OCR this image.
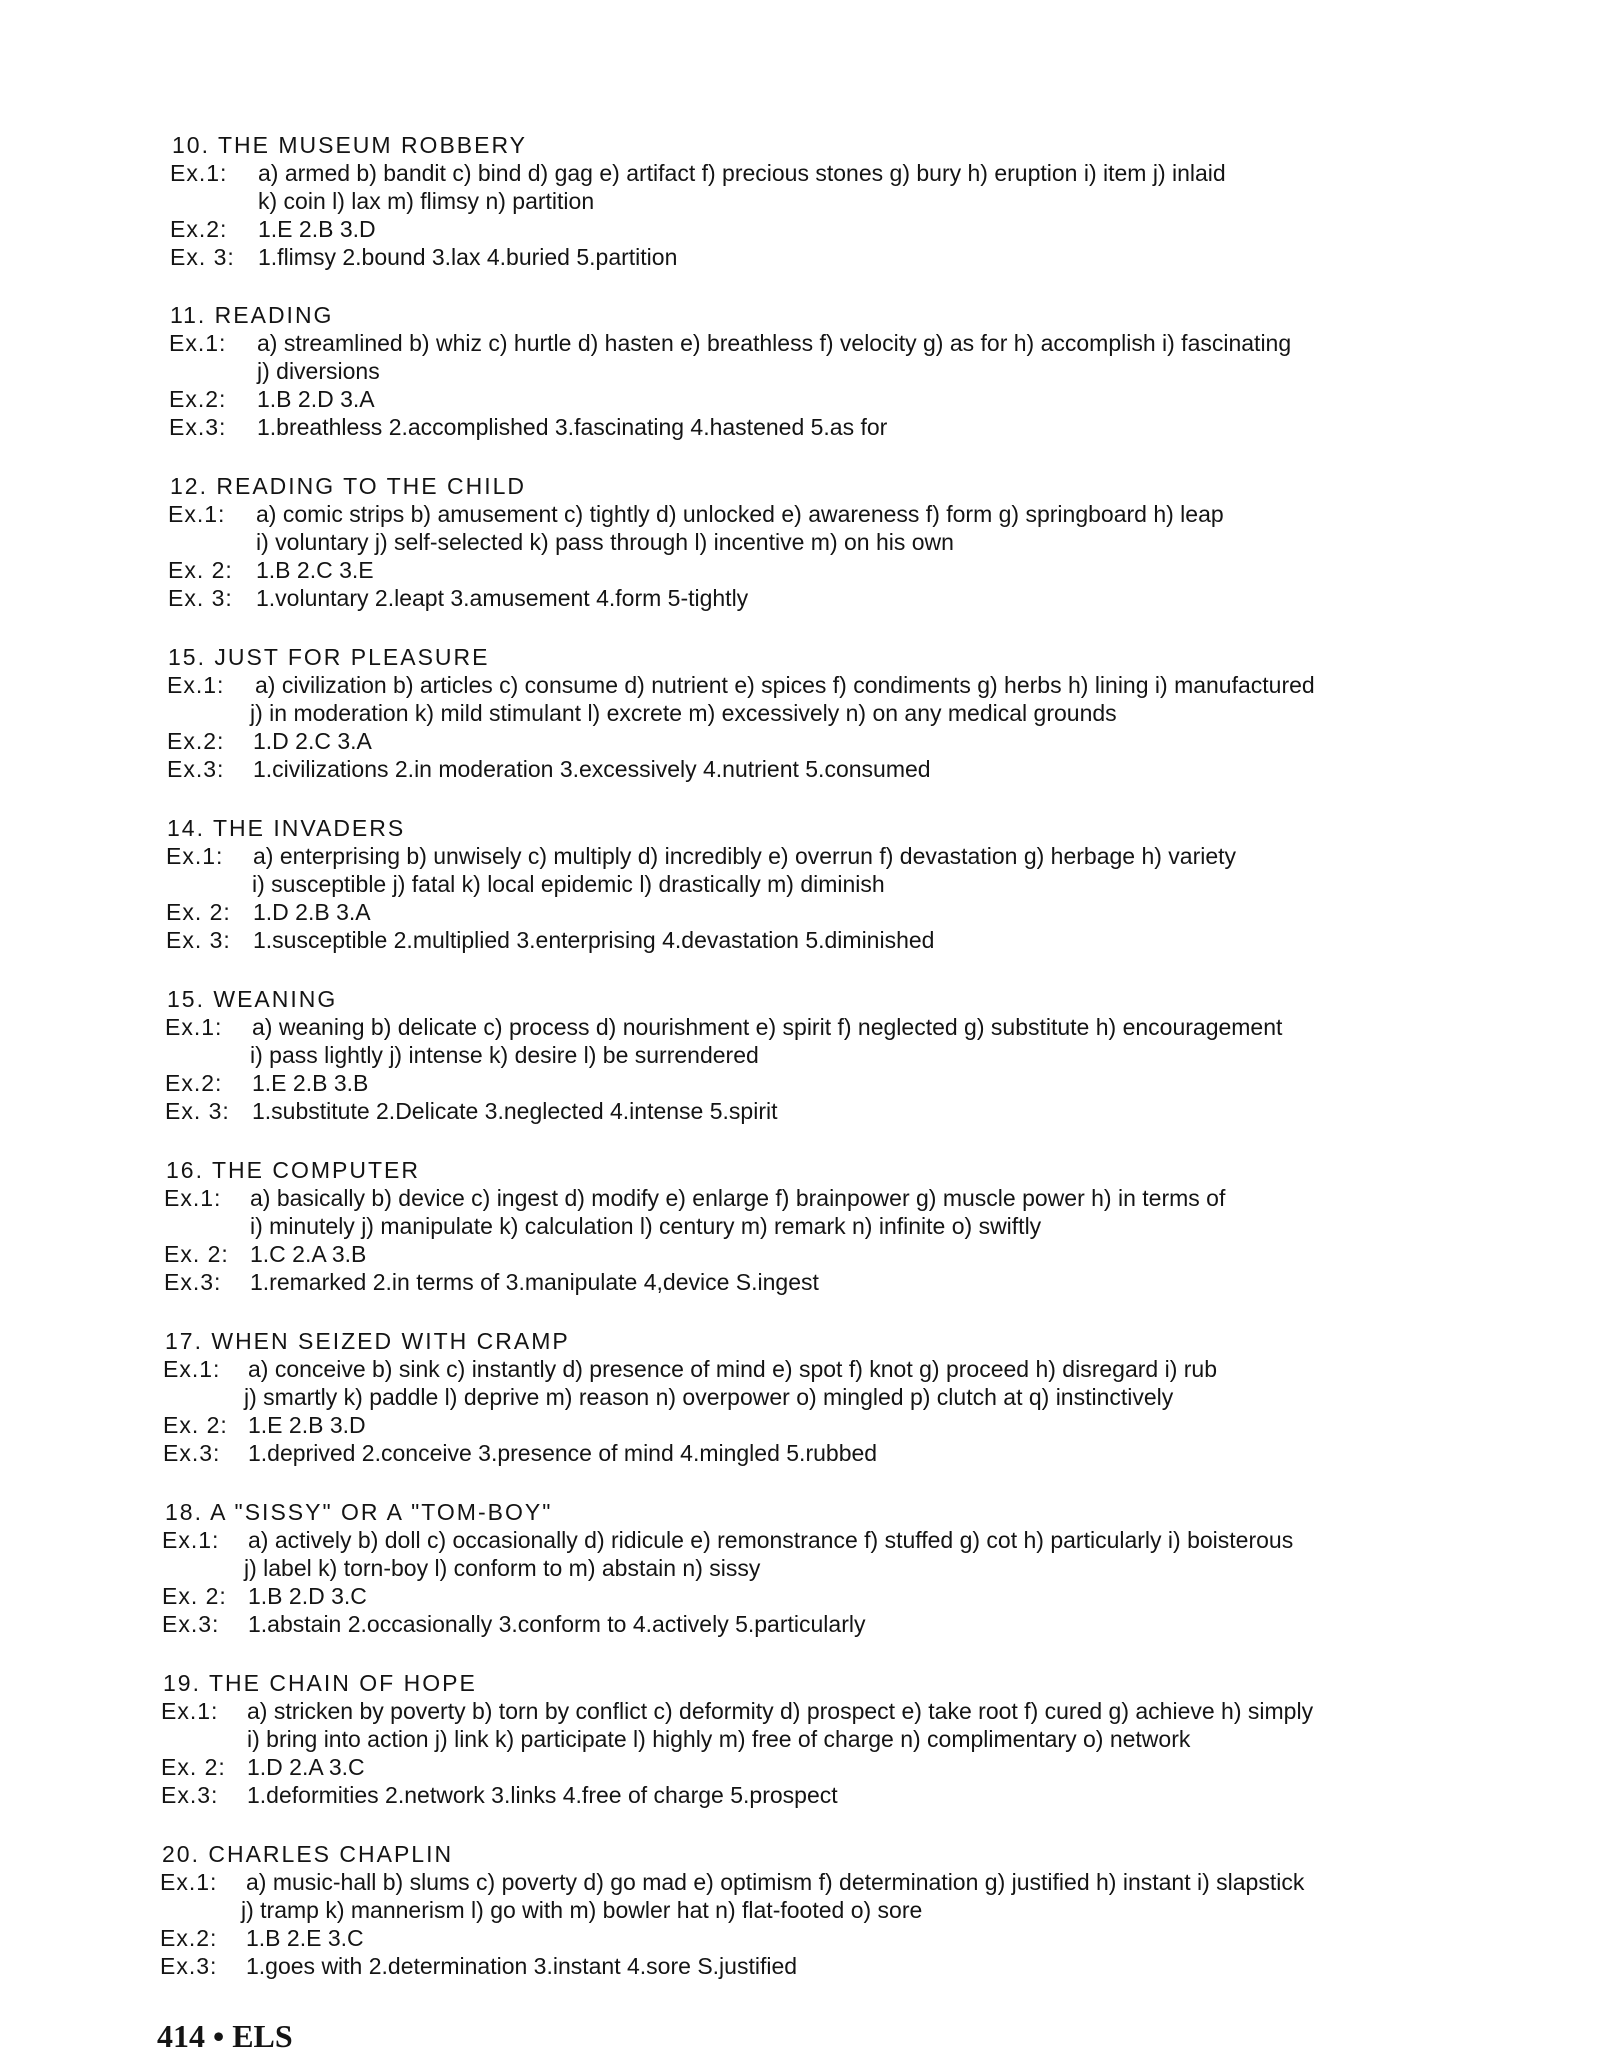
10. THE MUSEUM ROBBERY
Ex.1: a) armed b) bandit c) bind d) gag e) artifact f) precious stones g) bury h) eruption i) item j) inlaid
k) coin l) lax m) flimsy n) partition
Ex.2: 1.E 2.B 3.D
Ex. 3: 1.flimsy 2.bound 3.lax 4.buried 5.partition
11. READING
Ex.1: a) streamlined b) whiz c) hurtle d) hasten e) breathless f) velocity g) as for h) accomplish i) fascinating
j) diversions
Ex.2: 1.B 2.D 3.A
Ex.3: 1.breathless 2.accomplished 3.fascinating 4.hastened 5.as for
12. READING TO THE CHILD
Ex.1: a) comic strips b) amusement c) tightly d) unlocked e) awareness f) form g) springboard h) leap
i) voluntary j) self-selected k) pass through l) incentive m) on his own
Ex. 2: 1.B 2.C 3.E
Ex. 3: 1.voluntary 2.leapt 3.amusement 4.form 5-tightly
15. JUST FOR PLEASURE
Ex.1: a) civilization b) articles c) consume d) nutrient e) spices f) condiments g) herbs h) lining i) manufactured
j) in moderation k) mild stimulant l) excrete m) excessively n) on any medical grounds
Ex.2: 1.D 2.C 3.A
Ex.3: 1.civilizations 2.in moderation 3.excessively 4.nutrient 5.consumed
14. THE INVADERS
Ex.1: a) enterprising b) unwisely c) multiply d) incredibly e) overrun f) devastation g) herbage h) variety
i) susceptible j) fatal k) local epidemic l) drastically m) diminish
Ex. 2: 1.D 2.B 3.A
Ex. 3: 1.susceptible 2.multiplied 3.enterprising 4.devastation 5.diminished
15. WEANING
Ex.1: a) weaning b) delicate c) process d) nourishment e) spirit f) neglected g) substitute h) encouragement
i) pass lightly j) intense k) desire l) be surrendered
Ex.2: 1.E 2.B 3.B
Ex. 3: 1.substitute 2.Delicate 3.neglected 4.intense 5.spirit
16. THE COMPUTER
Ex.1: a) basically b) device c) ingest d) modify e) enlarge f) brainpower g) muscle power h) in terms of
i) minutely j) manipulate k) calculation l) century m) remark n) infinite o) swiftly
Ex. 2: 1.C 2.A 3.B
Ex.3: 1.remarked 2.in terms of 3.manipulate 4,device S.ingest
17. WHEN SEIZED WITH CRAMP
Ex.1: a) conceive b) sink c) instantly d) presence of mind e) spot f) knot g) proceed h) disregard i) rub
j) smartly k) paddle l) deprive m) reason n) overpower o) mingled p) clutch at q) instinctively
Ex. 2: 1.E 2.B 3.D
Ex.3: 1.deprived 2.conceive 3.presence of mind 4.mingled 5.rubbed
18. A "SISSY" OR A "TOM-BOY"
Ex.1: a) actively b) doll c) occasionally d) ridicule e) remonstrance f) stuffed g) cot h) particularly i) boisterous
j) label k) torn-boy l) conform to m) abstain n) sissy
Ex. 2: 1.B 2.D 3.C
Ex.3: 1.abstain 2.occasionally 3.conform to 4.actively 5.particularly
19. THE CHAIN OF HOPE
Ex.1: a) stricken by poverty b) torn by conflict c) deformity d) prospect e) take root f) cured g) achieve h) simply
i) bring into action j) link k) participate l) highly m) free of charge n) complimentary o) network
Ex. 2: 1.D 2.A 3.C
Ex.3: 1.deformities 2.network 3.links 4.free of charge 5.prospect
20. CHARLES CHAPLIN
Ex.1: a) music-hall b) slums c) poverty d) go mad e) optimism f) determination g) justified h) instant i) slapstick
j) tramp k) mannerism l) go with m) bowler hat n) flat-footed o) sore
Ex.2: 1.B 2.E 3.C
Ex.3: 1.goes with 2.determination 3.instant 4.sore S.justified
414 • ELS
